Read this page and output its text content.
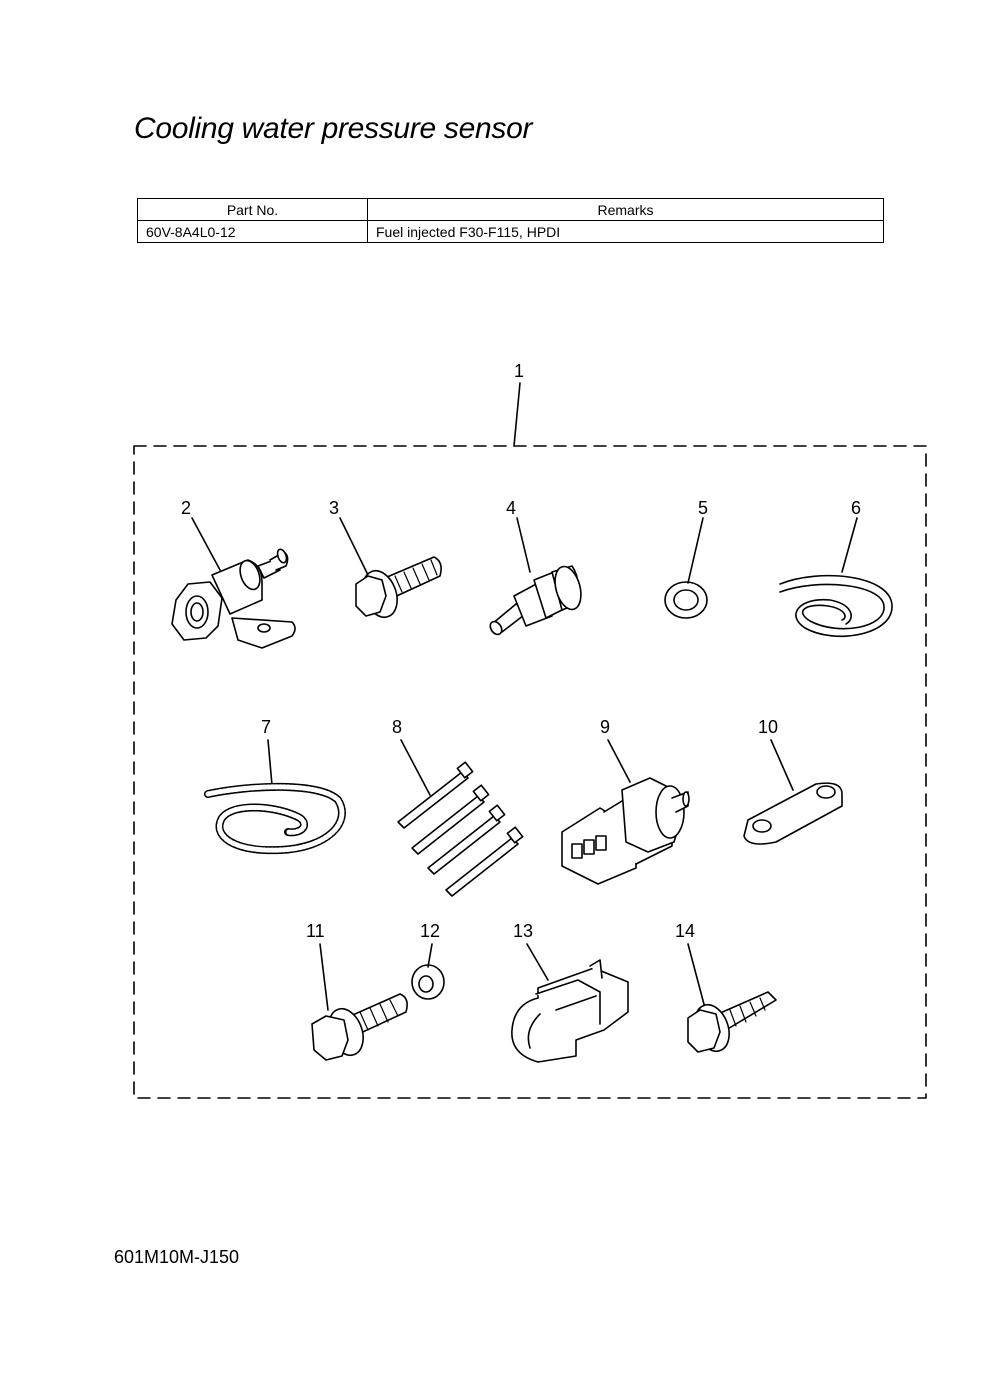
Cooling water pressure sensor
Part No.	Remarks
60V-8A4L0-12	Fuel injected F30-F115, HPDI
1
2	3	4	5	6
7	8	9	10
11	12	13	14
601M10M-J150
